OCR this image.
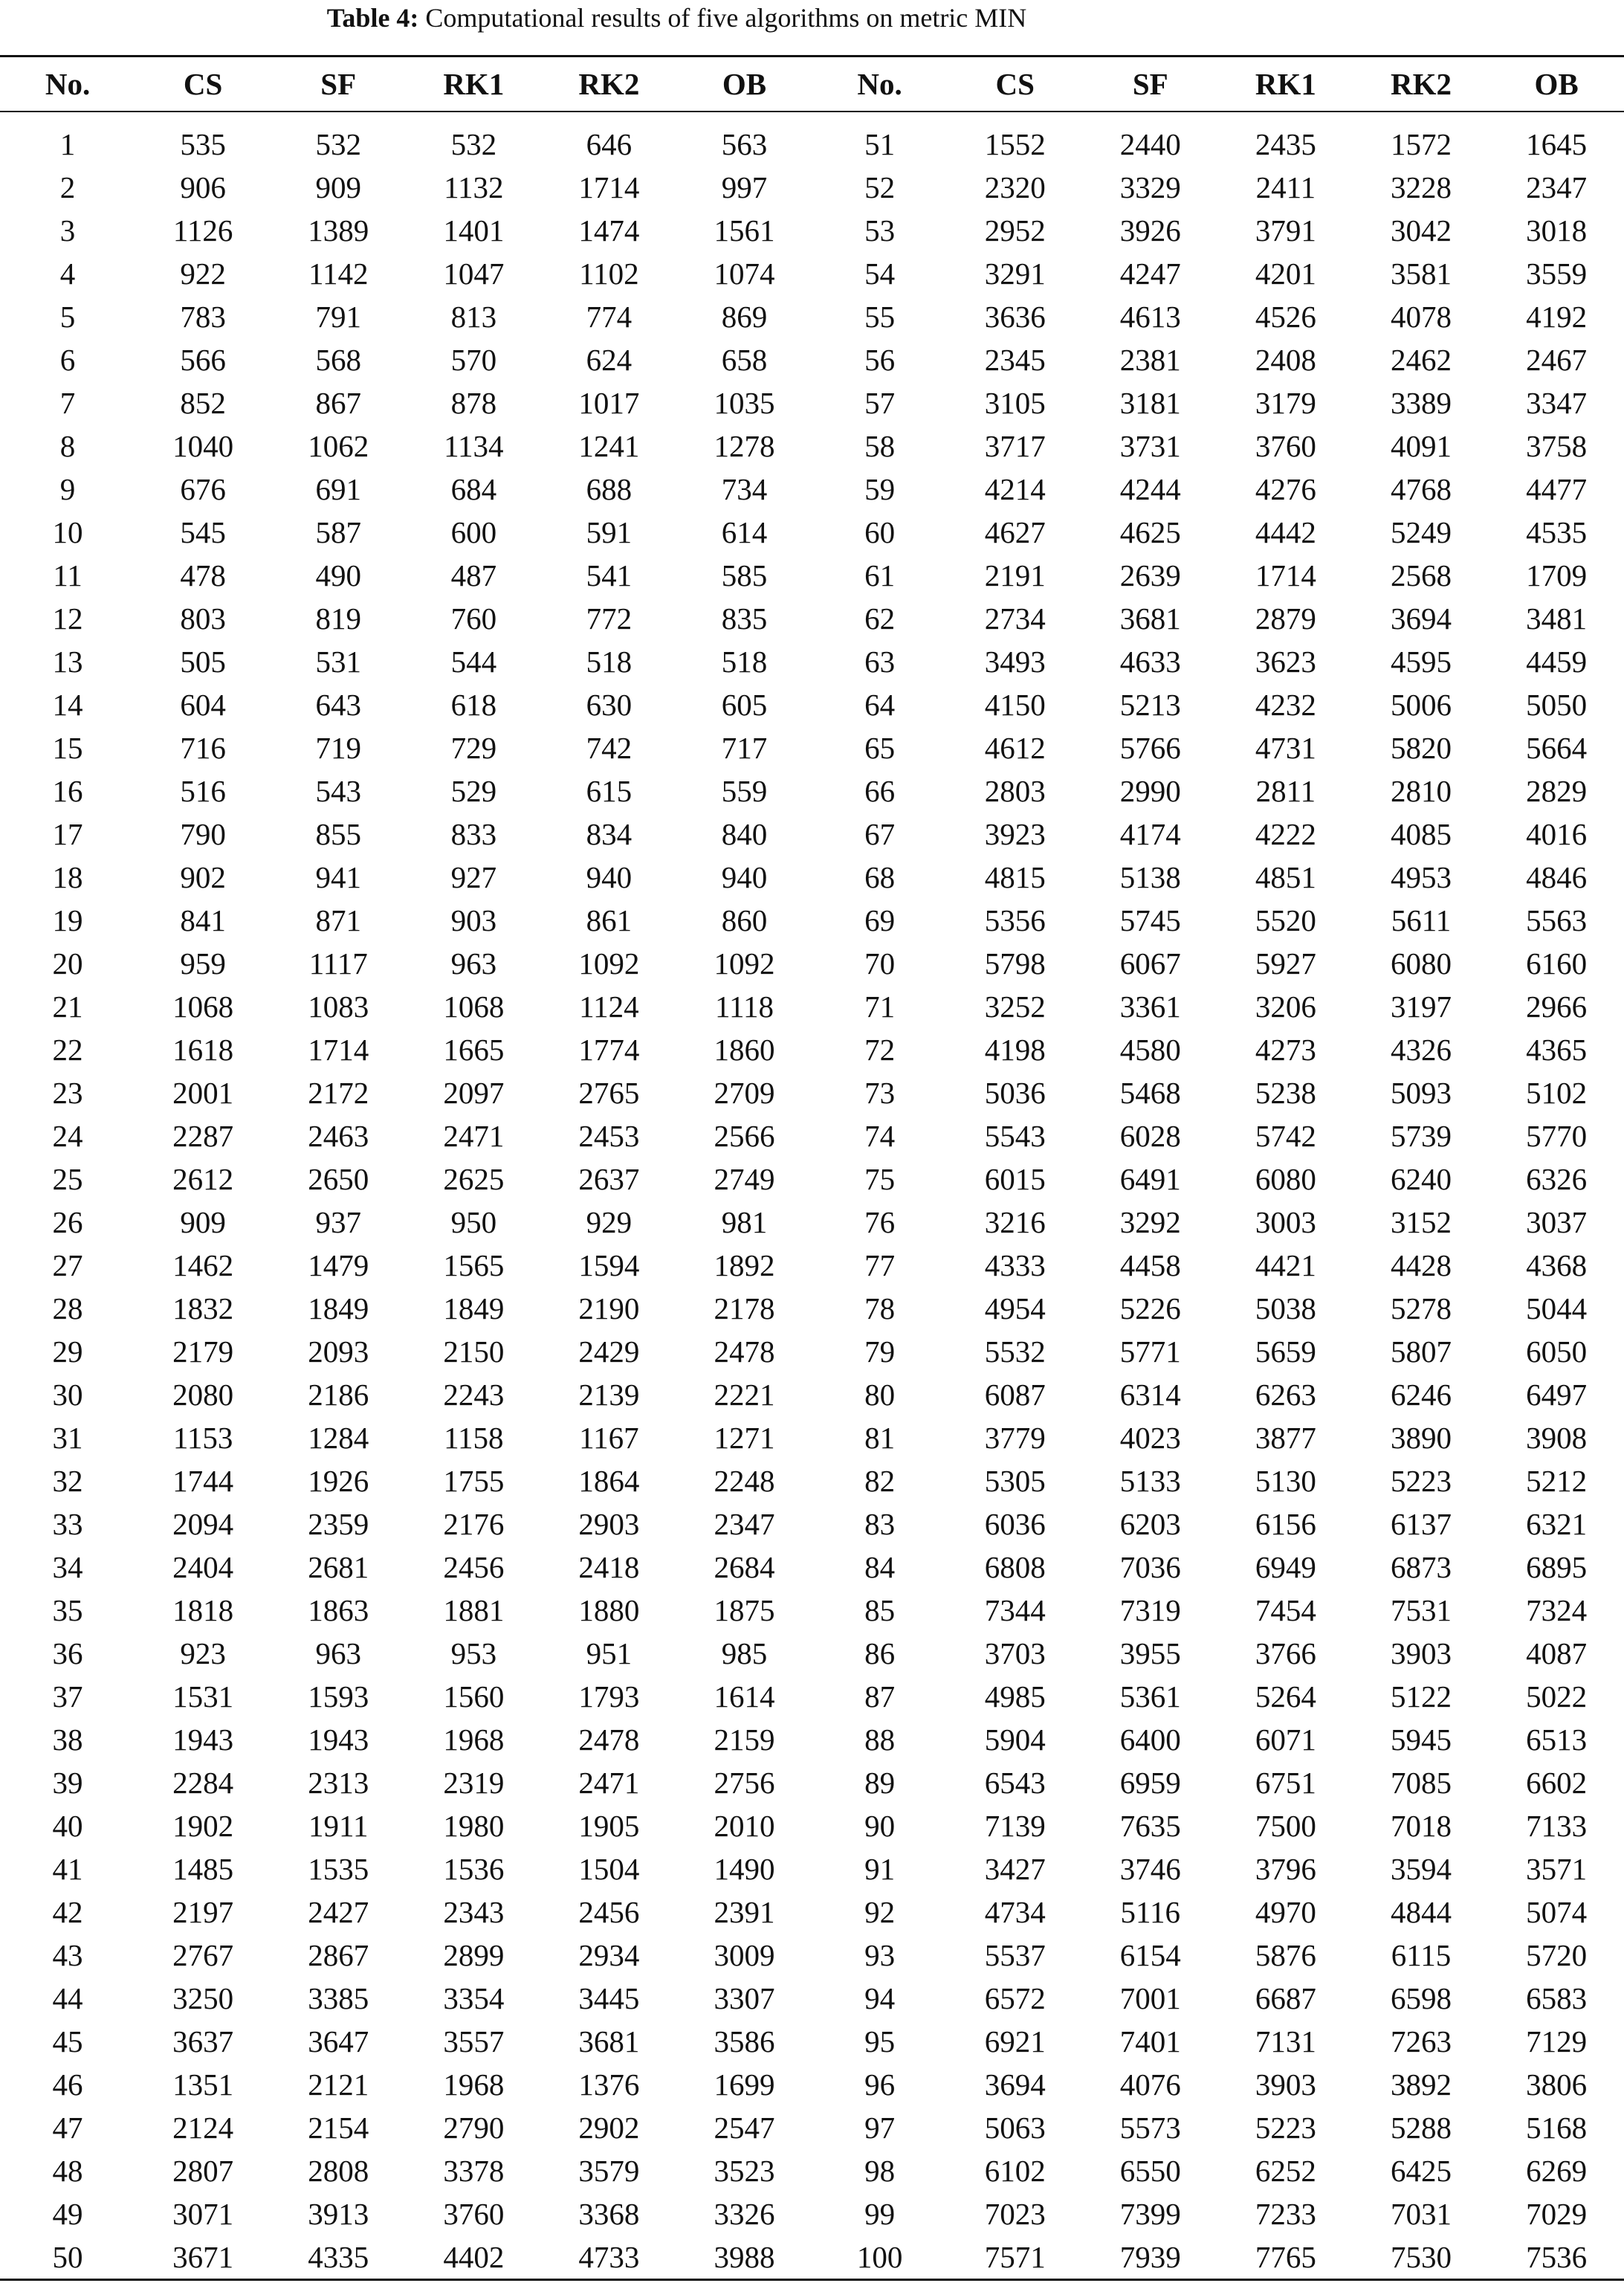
Table 4: Computational results of five algorithms on metric MIN
No.	CS	SF	RK1	RK2	OB	No.	CS	SF	RK1	RK2	OB
1	535	532	532	646	563	51	1552	2440	2435	1572	1645
2	906	909	1132	1714	997	52	2320	3329	2411	3228	2347
3	1126	1389	1401	1474	1561	53	2952	3926	3791	3042	3018
4	922	1142	1047	1102	1074	54	3291	4247	4201	3581	3559
5	783	791	813	774	869	55	3636	4613	4526	4078	4192
6	566	568	570	624	658	56	2345	2381	2408	2462	2467
7	852	867	878	1017	1035	57	3105	3181	3179	3389	3347
8	1040	1062	1134	1241	1278	58	3717	3731	3760	4091	3758
9	676	691	684	688	734	59	4214	4244	4276	4768	4477
10	545	587	600	591	614	60	4627	4625	4442	5249	4535
11	478	490	487	541	585	61	2191	2639	1714	2568	1709
12	803	819	760	772	835	62	2734	3681	2879	3694	3481
13	505	531	544	518	518	63	3493	4633	3623	4595	4459
14	604	643	618	630	605	64	4150	5213	4232	5006	5050
15	716	719	729	742	717	65	4612	5766	4731	5820	5664
16	516	543	529	615	559	66	2803	2990	2811	2810	2829
17	790	855	833	834	840	67	3923	4174	4222	4085	4016
18	902	941	927	940	940	68	4815	5138	4851	4953	4846
19	841	871	903	861	860	69	5356	5745	5520	5611	5563
20	959	1117	963	1092	1092	70	5798	6067	5927	6080	6160
21	1068	1083	1068	1124	1118	71	3252	3361	3206	3197	2966
22	1618	1714	1665	1774	1860	72	4198	4580	4273	4326	4365
23	2001	2172	2097	2765	2709	73	5036	5468	5238	5093	5102
24	2287	2463	2471	2453	2566	74	5543	6028	5742	5739	5770
25	2612	2650	2625	2637	2749	75	6015	6491	6080	6240	6326
26	909	937	950	929	981	76	3216	3292	3003	3152	3037
27	1462	1479	1565	1594	1892	77	4333	4458	4421	4428	4368
28	1832	1849	1849	2190	2178	78	4954	5226	5038	5278	5044
29	2179	2093	2150	2429	2478	79	5532	5771	5659	5807	6050
30	2080	2186	2243	2139	2221	80	6087	6314	6263	6246	6497
31	1153	1284	1158	1167	1271	81	3779	4023	3877	3890	3908
32	1744	1926	1755	1864	2248	82	5305	5133	5130	5223	5212
33	2094	2359	2176	2903	2347	83	6036	6203	6156	6137	6321
34	2404	2681	2456	2418	2684	84	6808	7036	6949	6873	6895
35	1818	1863	1881	1880	1875	85	7344	7319	7454	7531	7324
36	923	963	953	951	985	86	3703	3955	3766	3903	4087
37	1531	1593	1560	1793	1614	87	4985	5361	5264	5122	5022
38	1943	1943	1968	2478	2159	88	5904	6400	6071	5945	6513
39	2284	2313	2319	2471	2756	89	6543	6959	6751	7085	6602
40	1902	1911	1980	1905	2010	90	7139	7635	7500	7018	7133
41	1485	1535	1536	1504	1490	91	3427	3746	3796	3594	3571
42	2197	2427	2343	2456	2391	92	4734	5116	4970	4844	5074
43	2767	2867	2899	2934	3009	93	5537	6154	5876	6115	5720
44	3250	3385	3354	3445	3307	94	6572	7001	6687	6598	6583
45	3637	3647	3557	3681	3586	95	6921	7401	7131	7263	7129
46	1351	2121	1968	1376	1699	96	3694	4076	3903	3892	3806
47	2124	2154	2790	2902	2547	97	5063	5573	5223	5288	5168
48	2807	2808	3378	3579	3523	98	6102	6550	6252	6425	6269
49	3071	3913	3760	3368	3326	99	7023	7399	7233	7031	7029
50	3671	4335	4402	4733	3988	100	7571	7939	7765	7530	7536
